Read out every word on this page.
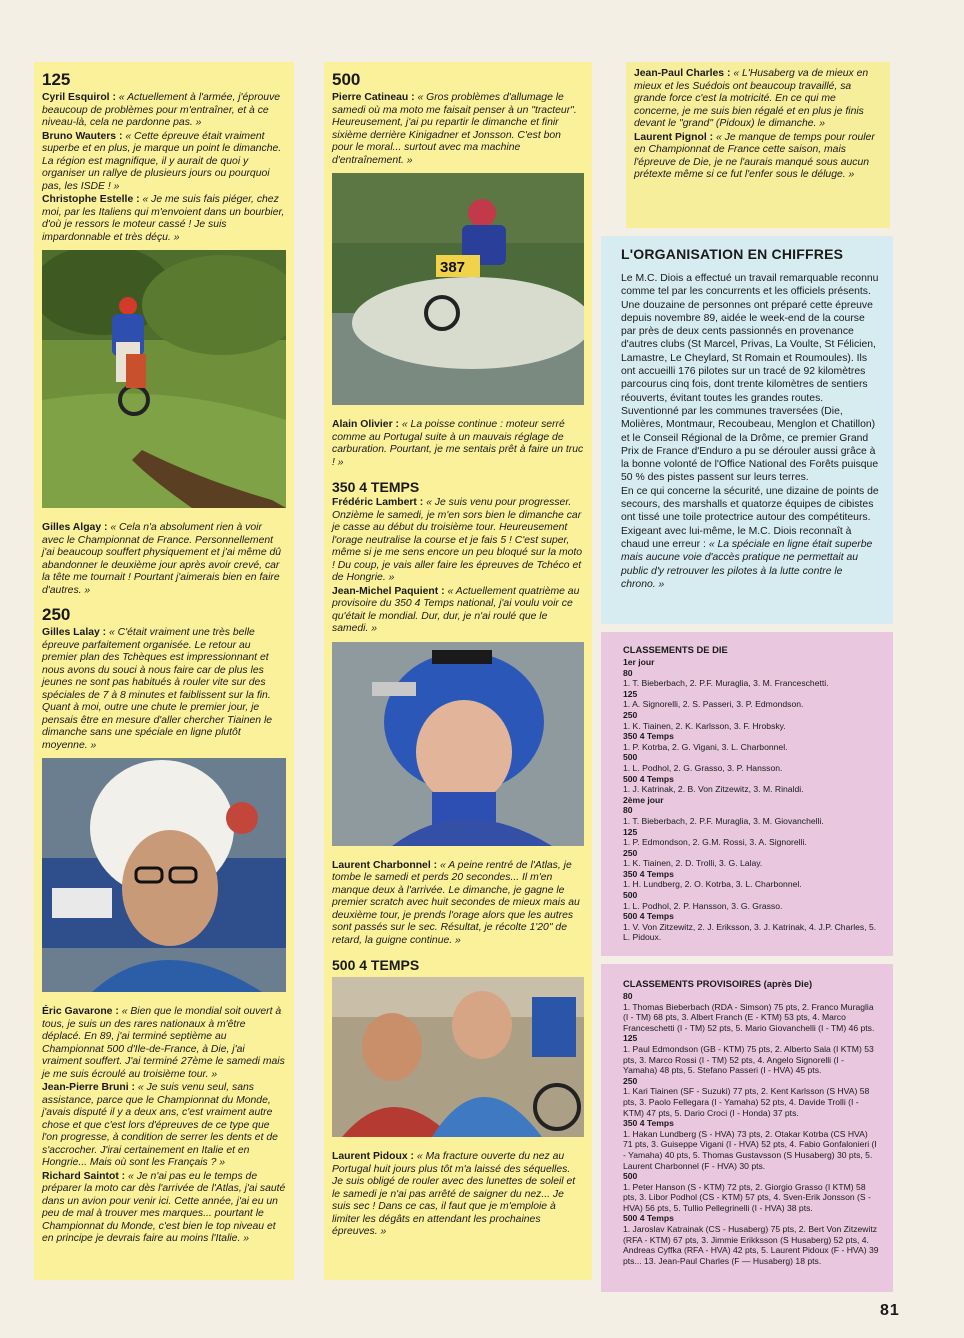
125

Cyril Esquirol : « Actuellement à l'armée, j'éprouve beaucoup de problèmes pour m'entraîner, et à ce niveau-là, cela ne pardonne pas. »

Bruno Wauters : « Cette épreuve était vraiment superbe et en plus, je marque un point le dimanche. La région est magnifique, il y aurait de quoi y organiser un rallye de plusieurs jours ou pourquoi pas, les ISDE ! »

Christophe Estelle : « Je me suis fais piéger, chez moi, par les Italiens qui m'envoient dans un bourbier, d'où je ressors le moteur cassé ! Je suis impardonnable et très déçu. »

Gilles Algay : « Cela n'a absolument rien à voir avec le Championnat de France. Personnellement j'ai beaucoup souffert physiquement et j'ai même dû abandonner le deuxième jour après avoir crevé, car la tête me tournait ! Pourtant j'aimerais bien en faire d'autres. »

250

Gilles Lalay : « C'était vraiment une très belle épreuve parfaitement organisée. Le retour au premier plan des Tchèques est impressionnant et nous avons du souci à nous faire car de plus les jeunes ne sont pas habitués à rouler vite sur des spéciales de 7 à 8 minutes et faiblissent sur la fin. Quant à moi, outre une chute le premier jour, je pensais être en mesure d'aller chercher Tiainen le dimanche sans une spéciale en ligne plutôt moyenne. »

Éric Gavarone : « Bien que le mondial soit ouvert à tous, je suis un des rares nationaux à m'être déplacé. En 89, j'ai terminé septième au Championnat 500 d'Ile-de-France, à Die, j'ai vraiment souffert. J'ai terminé 27ème le samedi mais je me suis écroulé au troisième tour. »

Jean-Pierre Bruni : « Je suis venu seul, sans assistance, parce que le Championnat du Monde, j'avais disputé il y a deux ans, c'est vraiment autre chose et que c'est lors d'épreuves de ce type que l'on progresse, à condition de serrer les dents et de s'accrocher. J'irai certainement en Italie et en Hongrie... Mais où sont les Français ? »

Richard Saintot : « Je n'ai pas eu le temps de préparer la moto car dès l'arrivée de l'Atlas, j'ai sauté dans un avion pour venir ici. Cette année, j'ai eu un peu de mal à trouver mes marques... pourtant le Championnat du Monde, c'est bien le top niveau et en principe je devrais faire au moins l'Italie. »

500

Pierre Catineau : « Gros problèmes d'allumage le samedi où ma moto me faisait penser à un "tracteur". Heureusement, j'ai pu repartir le dimanche et finir sixième derrière Kinigadner et Jonsson. C'est bon pour le moral... surtout avec ma machine d'entraînement. »

387

Alain Olivier : « La poisse continue : moteur serré comme au Portugal suite à un mauvais réglage de carburation. Pourtant, je me sentais prêt à faire un truc ! »

350 4 TEMPS

Frédéric Lambert : « Je suis venu pour progresser. Onzième le samedi, je m'en sors bien le dimanche car je casse au début du troisième tour. Heureusement l'orage neutralise la course et je fais 5 ! C'est super, même si je me sens encore un peu bloqué sur la moto ! Du coup, je vais aller faire les épreuves de Tchéco et de Hongrie. »

Jean-Michel Paquient : « Actuellement quatrième au provisoire du 350 4 Temps national, j'ai voulu voir ce qu'était le mondial. Dur, dur, je n'ai roulé que le samedi. »

Laurent Charbonnel : « A peine rentré de l'Atlas, je tombe le samedi et perds 20 secondes... Il m'en manque deux à l'arrivée. Le dimanche, je gagne le premier scratch avec huit secondes de mieux mais au deuxième tour, je prends l'orage alors que les autres sont passés sur le sec. Résultat, je récolte 1'20" de retard, la guigne continue. »

500 4 TEMPS

Laurent Pidoux : « Ma fracture ouverte du nez au Portugal huit jours plus tôt m'a laissé des séquelles. Je suis obligé de rouler avec des lunettes de soleil et le samedi je n'ai pas arrêté de saigner du nez... Je suis sec ! Dans ce cas, il faut que je m'emploie à limiter les dégâts en attendant les prochaines épreuves. »

Jean-Paul Charles : « L'Husaberg va de mieux en mieux et les Suédois ont beaucoup travaillé, sa grande force c'est la motricité. En ce qui me concerne, je me suis bien régalé et en plus je finis devant le "grand" (Pidoux) le dimanche. »

Laurent Pignol : « Je manque de temps pour rouler en Championnat de France cette saison, mais l'épreuve de Die, je ne l'aurais manqué sous aucun prétexte même si ce fut l'enfer sous le déluge. »

L'ORGANISATION EN CHIFFRES
Le M.C. Diois a effectué un travail remarquable reconnu comme tel par les concurrents et les officiels présents. Une douzaine de personnes ont préparé cette épreuve depuis novembre 89, aidée le week-end de la course par près de deux cents passionnés en provenance d'autres clubs (St Marcel, Privas, La Voulte, St Félicien, Lamastre, Le Cheylard, St Romain et Roumoules). Ils ont accueilli 176 pilotes sur un tracé de 92 kilomètres parcourus cinq fois, dont trente kilomètres de sentiers réouverts, évitant toutes les grandes routes. Suventionné par les communes traversées (Die, Molières, Montmaur, Recoubeau, Menglon et Chatillon) et le Conseil Régional de la Drôme, ce premier Grand Prix de France d'Enduro a pu se dérouler aussi grâce à la bonne volonté de l'Office National des Forêts puisque 50 % des pistes passent sur leurs terres.
En ce qui concerne la sécurité, une dizaine de points de secours, des marshalls et quatorze équipes de cibistes ont tissé une toile protectrice autour des compétiteurs. Exigeant avec lui-même, le M.C. Diois reconnaît à chaud une erreur : « La spéciale en ligne était superbe mais aucune voie d'accès pratique ne permettait au public d'y retrouver les pilotes à la lutte contre le chrono. »
CLASSEMENTS DE DIE
1er jour
80
1. T. Bieberbach, 2. P.F. Muraglia, 3. M. Franceschetti.
125
1. A. Signorelli, 2. S. Passeri, 3. P. Edmondson.
250
1. K. Tiainen, 2. K. Karlsson, 3. F. Hrobsky.
350 4 Temps
1. P. Kotrba, 2. G. Vigani, 3. L. Charbonnel.
500
1. L. Podhol, 2. G. Grasso, 3. P. Hansson.
500 4 Temps
1. J. Katrinak, 2. B. Von Zitzewitz, 3. M. Rinaldi.
2ème jour
80
1. T. Bieberbach, 2. P.F. Muraglia, 3. M. Giovanchelli.
125
1. P. Edmondson, 2. G.M. Rossi, 3. A. Signorelli.
250
1. K. Tiainen, 2. D. Trolli, 3. G. Lalay.
350 4 Temps
1. H. Lundberg, 2. O. Kotrba, 3. L. Charbonnel.
500
1. L. Podhol, 2. P. Hansson, 3. G. Grasso.
500 4 Temps
1. V. Von Zitzewitz, 2. J. Eriksson, 3. J. Katrinak, 4. J.P. Charles, 5. L. Pidoux.
CLASSEMENTS PROVISOIRES (après Die)
80
1. Thomas Bieberbach (RDA - Simson) 75 pts, 2. Franco Muraglia (I - TM) 68 pts, 3. Albert Franch (E - KTM) 53 pts, 4. Marco Franceschetti (I - TM) 52 pts, 5. Mario Giovanchelli (I - TM) 46 pts.
125
1. Paul Edmondson (GB - KTM) 75 pts, 2. Alberto Sala (I KTM) 53 pts, 3. Marco Rossi (I - TM) 52 pts, 4. Angelo Signorelli (I - Yamaha) 48 pts, 5. Stefano Passeri (I - HVA) 45 pts.
250
1. Kari Tiainen (SF - Suzuki) 77 pts, 2. Kent Karlsson (S HVA) 58 pts, 3. Paolo Fellegara (I - Yamaha) 52 pts, 4. Davide Trolli (I - KTM) 47 pts, 5. Dario Croci (I - Honda) 37 pts.
350 4 Temps
1. Hakan Lundberg (S - HVA) 73 pts, 2. Otakar Kotrba (CS HVA) 71 pts, 3. Guiseppe Vigani (I - HVA) 52 pts, 4. Fabio Gonfalonieri (I - Yamaha) 40 pts, 5. Thomas Gustavsson (S Husaberg) 30 pts, 5. Laurent Charbonnel (F - HVA) 30 pts.
500
1. Peter Hanson (S - KTM) 72 pts, 2. Giorgio Grasso (I KTM) 58 pts, 3. Libor Podhol (CS - KTM) 57 pts, 4. Sven-Erik Jonsson (S - HVA) 56 pts, 5. Tullio Pellegrinelli (I - HVA) 38 pts.
500 4 Temps
1. Jaroslav Katrainak (CS - Husaberg) 75 pts, 2. Bert Von Zitzewitz (RFA - KTM) 67 pts, 3. Jimmie Erikksson (S Husaberg) 52 pts, 4. Andreas Cyffka (RFA - HVA) 42 pts, 5. Laurent Pidoux (F - HVA) 39 pts... 13. Jean-Paul Charles (F — Husaberg) 18 pts.
81
